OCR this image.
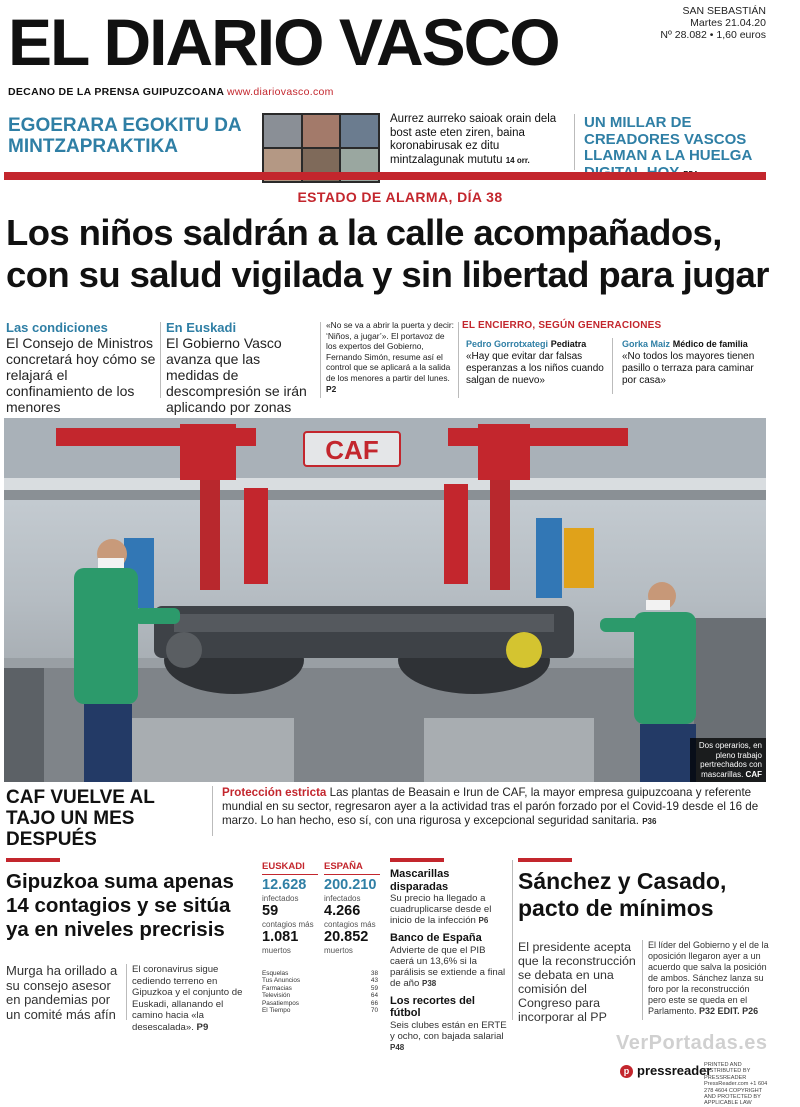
EL DIARIO VASCO	SAN SEBASTIÁN
Martes 21.04.20
Nº 28.082 • 1,60 euros
DECANO DE LA PRENSA GUIPUZCOANA www.diariovasco.com
EGOERARA EGOKITU DA MINTZAPRAKTIKA
Aurrez aurreko saioak orain dela bost aste eten ziren, baina koronabirusak ez ditu mintzalagunak mututu 14 orr.
UN MILLAR DE CREADORES VASCOS LLAMAN A LA HUELGA
ESTADO DE ALARMA, DÍA 38
Los niños saldrán a la calle acompañados, con su salud vigilada y sin libertad para jugar
Las condiciones
El Consejo de Ministros concretará hoy cómo se relajará el confinamiento de los menores
En Euskadi
El Gobierno Vasco avanza que las medidas de descompresión se irán aplicando por zonas
«No se va a abrir la puerta y decir: ‘Niños, a jugar’». El portavoz de los expertos del Gobierno, Fernando Simón, resume así el control que se aplicará a la salida de los menores a partir del lunes. P2
EL ENCIERRO, SEGÚN GENERACIONES
Pedro Gorrotxategi Pediatra
«Hay que evitar dar falsas esperanzas a los niños cuando salgan de nuevo»
Gorka Maiz Médico de familia
«No todos los mayores tienen pasillo o terraza para caminar por casa»
CAF
Dos operarios, en pleno trabajo pertrechados con mascarillas. CAF
CAF VUELVE AL TAJO UN MES DESPUÉS
Protección estricta Las plantas de Beasain e Irun de CAF, la mayor empresa guipuzcoana y referente mundial en su sector, regresaron ayer a la actividad tras el parón forzado por el Covid-19 desde el 16 de marzo. Lo han hecho, eso sí, con una rigurosa y excepcional seguridad sanitaria. P36
Gipuzkoa suma apenas 14 contagios y se sitúa ya en niveles precrisis
Murga ha orillado a su consejo asesor en pandemias por un comité más afín
El coronavirus sigue cediendo terreno en Gipuzkoa y el conjunto de Euskadi, allanando el camino hacia «la desescalada». P9
EUSKADI
12.628
infectados
59
contagios más
1.081
muertos
ESPAÑA
200.210
infectados
4.266
contagios más
20.852
muertos
Esquelas	38
Tus Anuncios	43
Farmacias	59
Televisión	64
Pasatiempos	66
El Tiempo	70
Mascarillas disparadas
Su precio ha llegado a cuadruplicarse desde el inicio de la infección P6
Banco de España
Advierte de que el PIB caerá un 13,6% si la parálisis se extiende a final de año P38
Los recortes del fútbol
Seis clubes están en ERTE y ocho, con bajada salarial P48
Sánchez y Casado, pacto de mínimos
El presidente acepta que la reconstrucción se debata en una comisión del Congreso para incorporar al PP
El líder del Gobierno y el de la oposición llegaron ayer a un acuerdo que salva la posición de ambos. Sánchez lanza su foro por la reconstrucción pero este se queda en el Parlamento. P32 EDIT. P26
VerPortadas.es
p pressreader
PRINTED AND DISTRIBUTED BY PRESSREADER PressReader.com +1 604 278 4604 COPYRIGHT AND PROTECTED BY APPLICABLE LAW
